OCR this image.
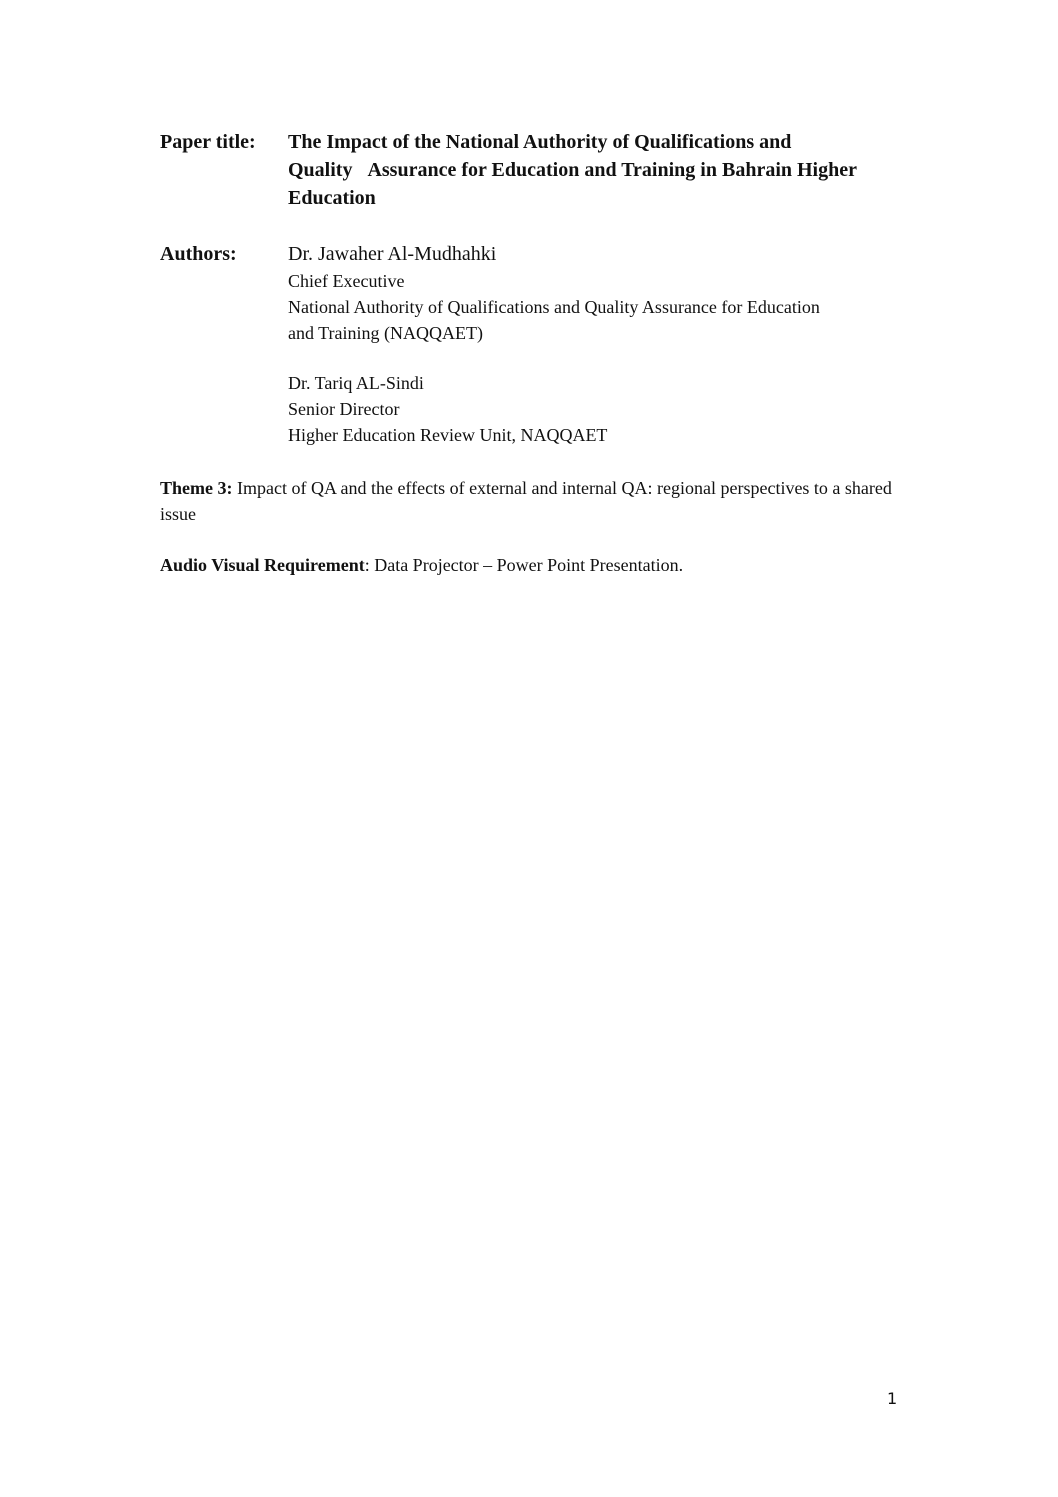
Paper title: The Impact of the National Authority of Qualifications and
Quality   Assurance for Education and Training in Bahrain Higher
Education
Authors:	Dr. Jawaher Al-Mudhahki
Chief Executive
National Authority of Qualifications and Quality Assurance for Education
and Training (NAQQAET)
Dr. Tariq AL-Sindi
Senior Director
Higher Education Review Unit, NAQQAET
Theme 3: Impact of QA and the effects of external and internal QA: regional perspectives to a shared issue
Audio Visual Requirement: Data Projector – Power Point Presentation.
1
